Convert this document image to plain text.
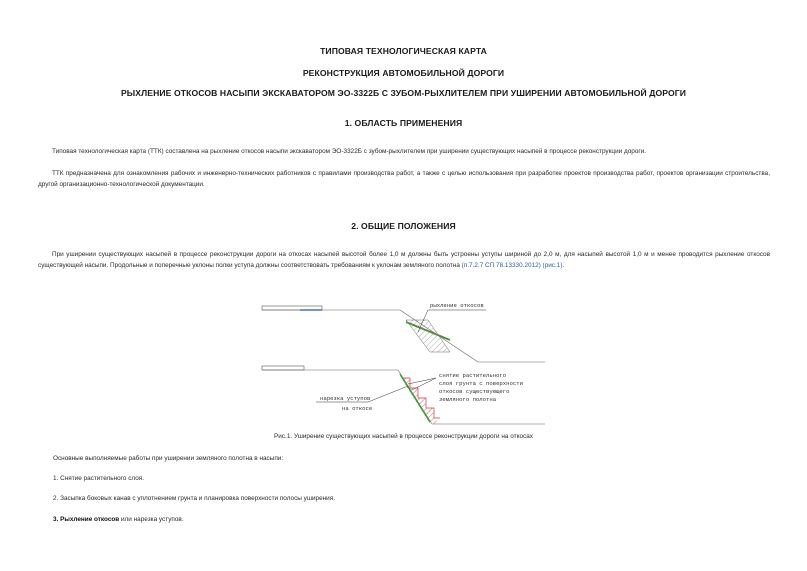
ТИПОВАЯ ТЕХНОЛОГИЧЕСКАЯ КАРТА
РЕКОНСТРУКЦИЯ АВТОМОБИЛЬНОЙ ДОРОГИ
РЫХЛЕНИЕ ОТКОСОВ НАСЫПИ ЭКСКАВАТОРОМ ЭО-3322Б С ЗУБОМ-РЫХЛИТЕЛЕМ ПРИ УШИРЕНИИ АВТОМОБИЛЬНОЙ ДОРОГИ
1. ОБЛАСТЬ ПРИМЕНЕНИЯ
Типовая технологическая карта (ТТК) составлена на рыхление откосов насыпи экскаватором ЭО-3322Б с зубом-рыхлителем при уширении существующих насыпей в процессе реконструкции дороги.
ТТК предназначена для ознакомления рабочих и инженерно-технических работников с правилами производства работ, а также с целью использования при разработке проектов производства работ, проектов организации строительства, другой организационно-технологической документации.
2. ОБЩИЕ ПОЛОЖЕНИЯ
При уширении существующих насыпей в процессе реконструкции дороги на откосах насыпей высотой более 1,0 м должны быть устроены уступы шириной до 2,0 м, для насыпей высотой 1,0 м и менее проводится рыхление откосов существующей насыпи. Продольные и поперечные уклоны полки уступа должны соответствовать требованиям к уклонам земляного полотна (п.7.2.7 СП 78.13330.2012) (рис.1).
рыхление откосов
снятие растительного
слоя грунта с поверхности
откосов существующего
земляного полотна
нарезка уступов
на откосе
Рис.1. Уширение существующих насыпей в процессе реконструкции дороги на откосах
Основные выполняемые работы при уширении земляного полотна в насыпи:
1. Снятие растительного слоя.
2. Засыпка боковых канав с уплотнением грунта и планировка поверхности полосы уширения.
3. Рыхление откосов или нарезка уступов.
